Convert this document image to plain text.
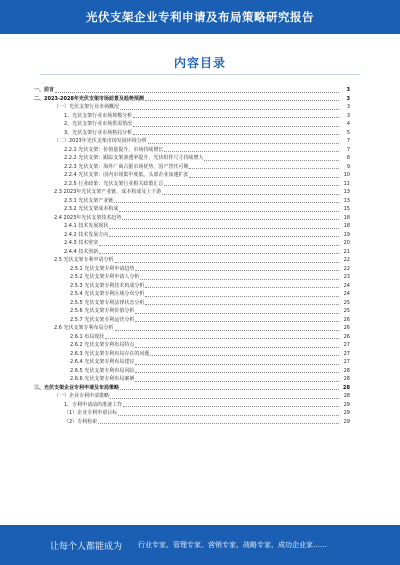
光伏支架企业专利申请及布局策略研究报告
内容目录
一、前言	3
二、2023-2028年光伏支架市场前景及趋势预测	3
（一）光伏支架行业市场概况	3
1、光伏支架行业市场规模分析	3
2、光伏支架行业市场供需情况	4
3、光伏支架行业市场格局分析	5
（二）2023年光伏支架市场发展环境分析	7
2.2.1 光伏支架：价值量提升，市场持续增长	7
2.2.2 光伏支架：跟踪支架渗透率提升，光伏组件尺寸持续增大	8
2.2.3 光伏支架：海外厂商占据市场优势，国产替代可期	9
2.2.4 光伏支架：国内市场集中度低，头部企业加速扩张	10
2.2.5 行业政策：光伏支架行业相关政策汇总	11
2.3 2023年光伏支架产业链、成本构成及上下游	13
2.3.1 光伏支架产业链	13
2.3.2 光伏支架成本构成	15
2.4 2023年光伏支架技术趋势	18
2.4.1 技术发展现状	18
2.4.2 技术发展方向	19
2.4.3 技术壁垒	20
2.4.4 技术创新	21
2.5 光伏支架专利申请分析	22
2.5.1 光伏支架专利申请趋势	22
2.5.2 光伏支架专利申请人分析	23
2.5.3 光伏支架专利技术构成分析	24
2.5.4 光伏支架专利区域分布分析	24
2.5.5 光伏支架专利法律状态分析	25
2.5.6 光伏支架专利价值分析	25
2.5.7 光伏支架专利运营分析	26
2.6 光伏支架专利布局分析	26
2.6.1 布局现状	26
2.6.2 光伏支架专利布局特点	27
2.6.3 光伏支架专利布局存在的问题	27
2.6.4 光伏支架专利布局建议	27
2.6.5 光伏支架专利布局风险	28
2.6.6 光伏支架专利布局案例	28
三、光伏支架企业专利申请及布局策略	28
（一）企业专利申请策略	28
1、专利申请前的准备工作	29
（1）企业专利申请目标	29
（2）专利检索	29
让每个人都能成为	行业专家、管理专家、营销专家、战略专家、成功企业家……
